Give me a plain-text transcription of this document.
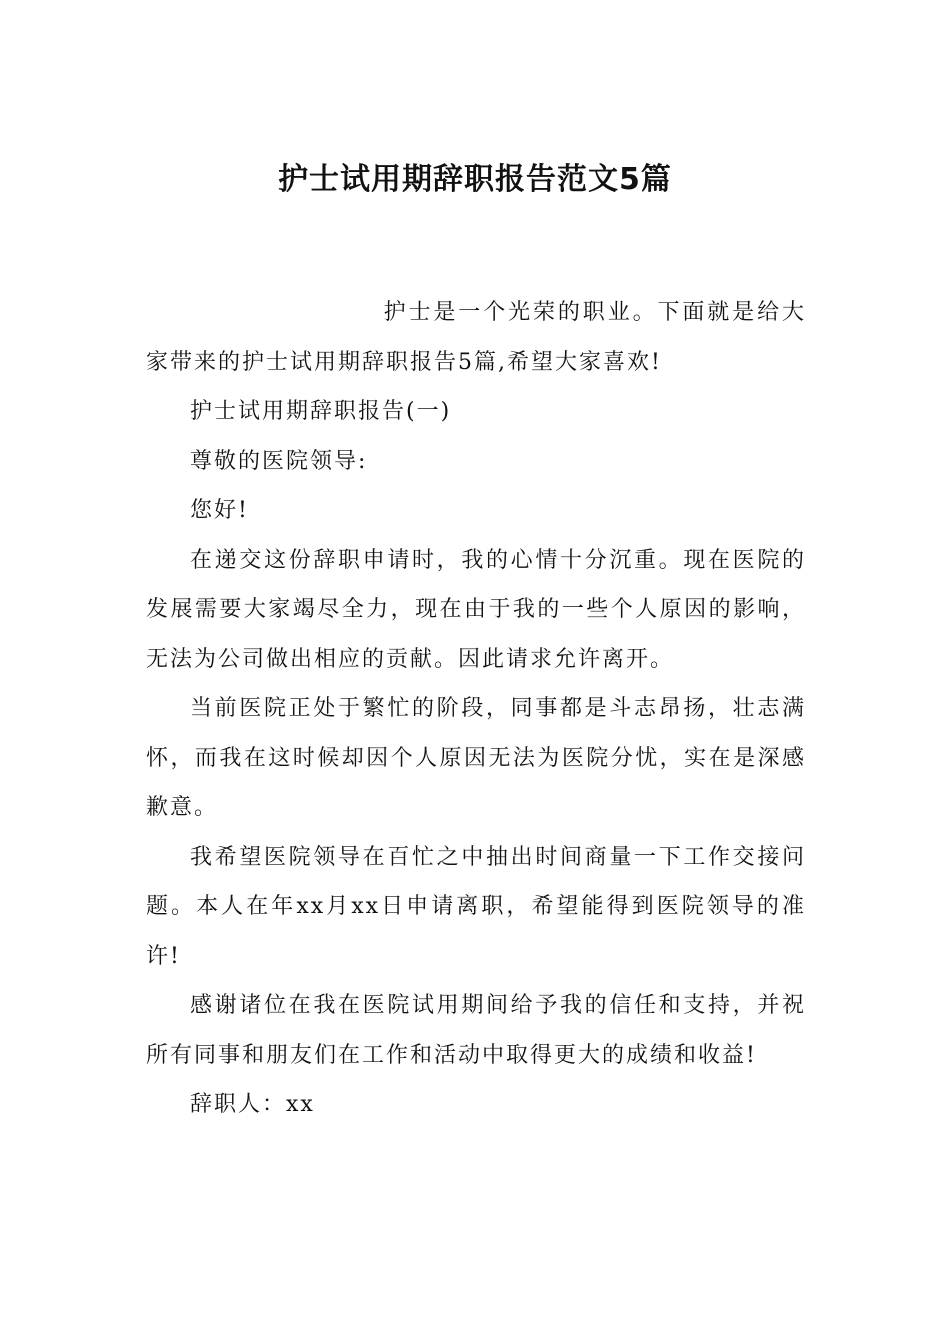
护士试用期辞职报告范文5篇

护士是一个光荣的职业。下面就是给大家带来的护士试用期辞职报告5篇,希望大家喜欢!

护士试用期辞职报告(一)

尊敬的医院领导:

您好!

在递交这份辞职申请时，我的心情十分沉重。现在医院的发展需要大家竭尽全力，现在由于我的一些个人原因的影响，无法为公司做出相应的贡献。因此请求允许离开。

当前医院正处于繁忙的阶段，同事都是斗志昂扬，壮志满怀，而我在这时候却因个人原因无法为医院分忧，实在是深感歉意。

我希望医院领导在百忙之中抽出时间商量一下工作交接问题。本人在年xx月xx日申请离职，希望能得到医院领导的准许!

感谢诸位在我在医院试用期间给予我的信任和支持，并祝所有同事和朋友们在工作和活动中取得更大的成绩和收益!

辞职人：xx
